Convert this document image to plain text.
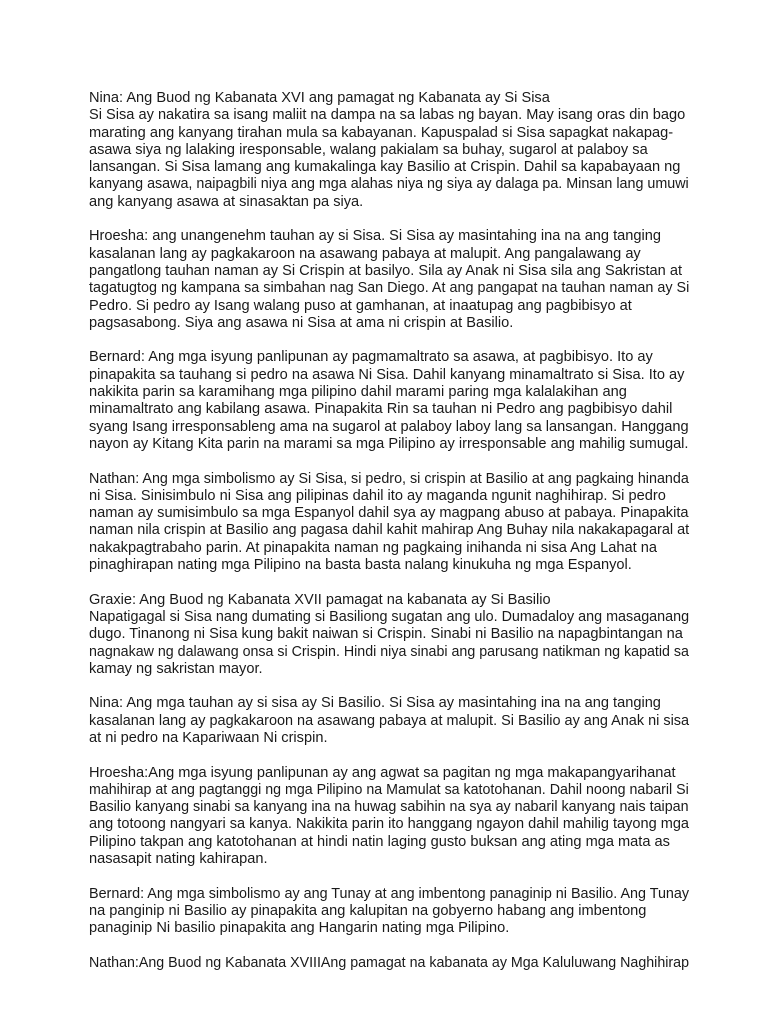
Nina: Ang Buod ng Kabanata XVI ang pamagat ng Kabanata ay Si Sisa
Si Sisa ay nakatira sa isang maliit na dampa na sa labas ng bayan. May isang oras din bago
marating ang kanyang tirahan mula sa kabayanan. Kapuspalad si Sisa sapagkat nakapag-
asawa siya ng lalaking iresponsable, walang pakialam sa buhay, sugarol at palaboy sa
lansangan. Si Sisa lamang ang kumakalinga kay Basilio at Crispin. Dahil sa kapabayaan ng
kanyang asawa, naipagbili niya ang mga alahas niya ng siya ay dalaga pa. Minsan lang umuwi
ang kanyang asawa at sinasaktan pa siya.
Hroesha: ang unangenehm tauhan ay si Sisa. Si Sisa ay masintahing ina na ang tanging
kasalanan lang ay pagkakaroon na asawang pabaya at malupit. Ang pangalawang ay
pangatlong tauhan naman ay Si Crispin at basilyo. Sila ay Anak ni Sisa sila ang Sakristan at
tagatugtog ng kampana sa simbahan nag San Diego. At ang pangapat na tauhan naman ay Si
Pedro. Si pedro ay Isang walang puso at gamhanan, at inaatupag ang pagbibisyo at
pagsasabong. Siya ang asawa ni Sisa at ama ni crispin at Basilio.
Bernard: Ang mga isyung panlipunan ay pagmamaltrato sa asawa, at pagbibisyo. Ito ay
pinapakita sa tauhang si pedro na asawa Ni Sisa. Dahil kanyang minamaltrato si Sisa. Ito ay
nakikita parin sa karamihang mga pilipino dahil marami paring mga kalalakihan ang
minamaltrato ang kabilang asawa. Pinapakita Rin sa tauhan ni Pedro ang pagbibisyo dahil
syang Isang irresponsableng ama na sugarol at palaboy laboy lang sa lansangan. Hanggang
nayon ay Kitang Kita parin na marami sa mga Pilipino ay irresponsable ang mahilig sumugal.
Nathan: Ang mga simbolismo ay Si Sisa, si pedro, si crispin at Basilio at ang pagkaing hinanda
ni Sisa. Sinisimbulo ni Sisa ang pilipinas dahil ito ay maganda ngunit naghihirap. Si pedro
naman ay sumisimbulo sa mga Espanyol dahil sya ay magpang abuso at pabaya. Pinapakita
naman nila crispin at Basilio ang pagasa dahil kahit mahirap Ang Buhay nila nakakapagaral at
nakakpagtrabaho parin. At pinapakita naman ng pagkaing inihanda ni sisa Ang Lahat na
pinaghirapan nating mga Pilipino na basta basta nalang kinukuha ng mga Espanyol.
Graxie: Ang Buod ng Kabanata XVII pamagat na kabanata ay Si Basilio
Napatigagal si Sisa nang dumating si Basiliong sugatan ang ulo. Dumadaloy ang masaganang
dugo. Tinanong ni Sisa kung bakit naiwan si Crispin. Sinabi ni Basilio na napagbintangan na
nagnakaw ng dalawang onsa si Crispin. Hindi niya sinabi ang parusang natikman ng kapatid sa
kamay ng sakristan mayor.
Nina: Ang mga tauhan ay si sisa ay Si Basilio. Si Sisa ay masintahing ina na ang tanging
kasalanan lang ay pagkakaroon na asawang pabaya at malupit. Si Basilio ay ang Anak ni sisa
at ni pedro na Kapariwaan Ni crispin.
Hroesha:Ang mga isyung panlipunan ay ang agwat sa pagitan ng mga makapangyarihanat
mahihirap at ang pagtanggi ng mga Pilipino na Mamulat sa katotohanan. Dahil noong nabaril Si
Basilio kanyang sinabi sa kanyang ina na huwag sabihin na sya ay nabaril kanyang nais taipan
ang totoong nangyari sa kanya. Nakikita parin ito hanggang ngayon dahil mahilig tayong mga
Pilipino takpan ang katotohanan at hindi natin laging gusto buksan ang ating mga mata as
nasasapit nating kahirapan.
Bernard: Ang mga simbolismo ay ang Tunay at ang imbentong panaginip ni Basilio. Ang Tunay
na panginip ni Basilio ay pinapakita ang kalupitan na gobyerno habang ang imbentong
panaginip Ni basilio pinapakita ang Hangarin nating mga Pilipino.
Nathan:Ang Buod ng Kabanata XVIIIAng pamagat na kabanata ay Mga Kaluluwang Naghihirap
